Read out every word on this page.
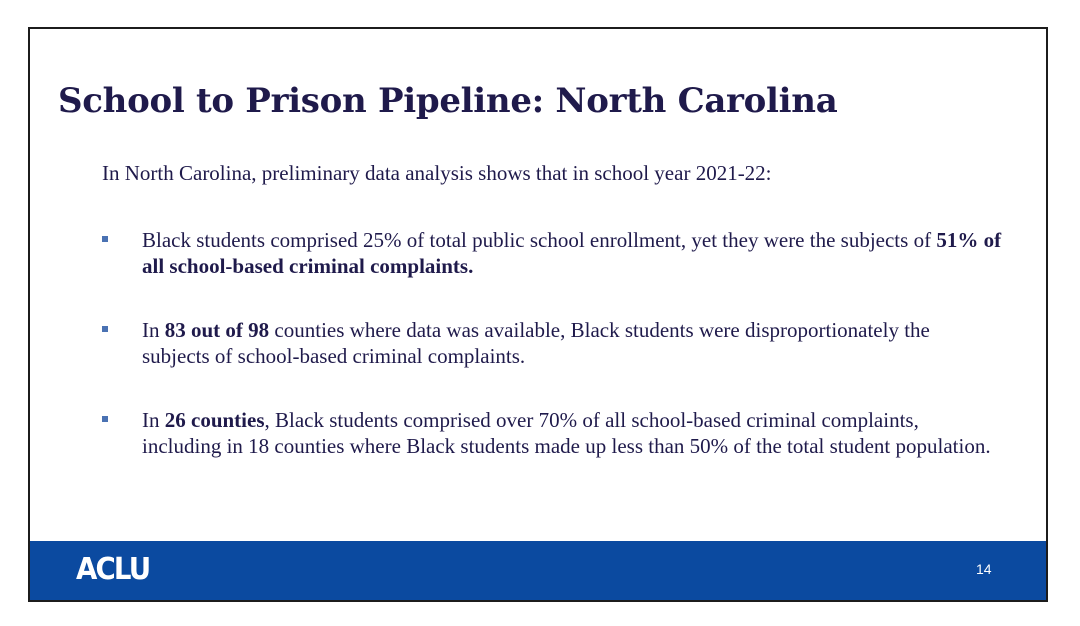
School to Prison Pipeline: North Carolina

In North Carolina, preliminary data analysis shows that in school year 2021-22:

Black students comprised 25% of total public school enrollment, yet they were the subjects of 51% of all school-based criminal complaints.
In 83 out of 98 counties where data was available, Black students were disproportionately the subjects of school-based criminal complaints.
In 26 counties, Black students comprised over 70% of all school-based criminal complaints, including in 18 counties where Black students made up less than 50% of the total student population.
ACLU	14
